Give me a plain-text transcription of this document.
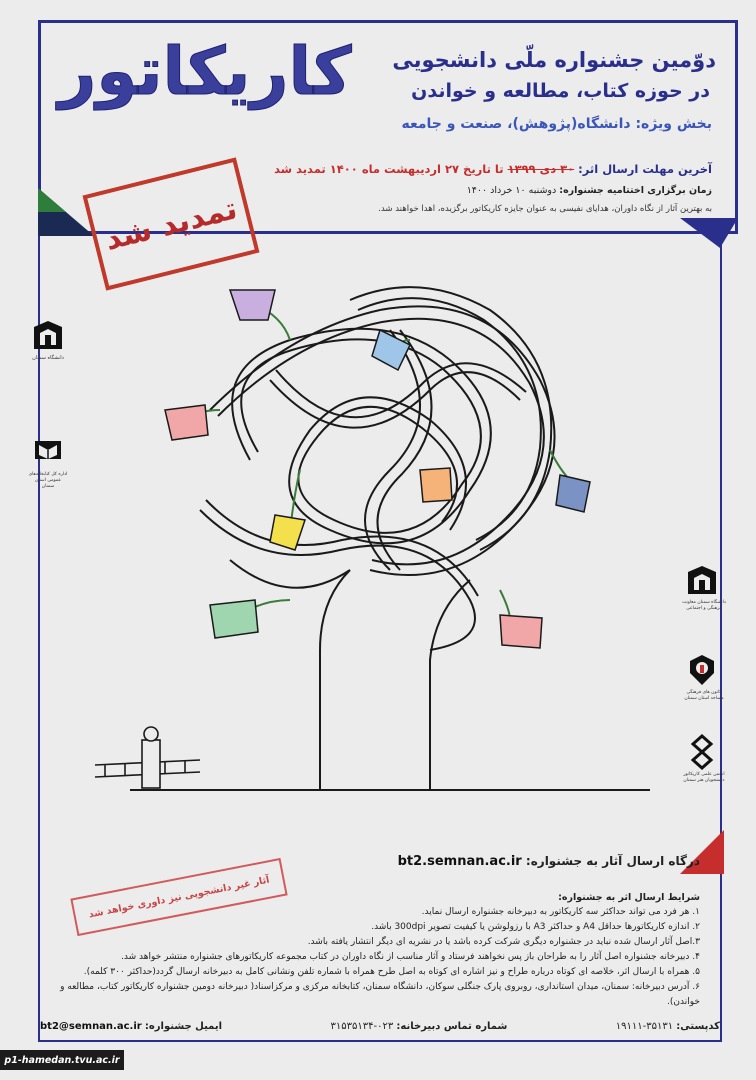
کاریکاتور	دوّمین جشنواره ملّی دانشجویی
در حوزه کتاب، مطالعه و خواندن
بخش ویژه: دانشگاه(پژوهش)، صنعت و جامعه
آخرین مهلت ارسال اثر: ۳۰ دی ۱۳۹۹ تا تاریخ ۲۷ اردیبهشت ماه ۱۴۰۰ تمدید شد
زمان برگزاری اختتامیه جشنواره: دوشنبه ۱۰ خرداد ۱۴۰۰
به بهترین آثار از نگاه داوران، هدایای نفیسی به عنوان جایزه کاریکاتور برگزیده، اهدا خواهند شد.
تمدید شد
دانشگاه سمنان
اداره کل کتابخانه‌های عمومی استان سمنان
دانشگاه سمنان معاونت فرهنگی و اجتماعی
کانون های فرهنگی مساجد استان سمنان
انجمن علمی کاریکاتور دانشجویان هنر سمنان
درگاه ارسال آثار به جشنواره: bt2.semnan.ac.ir
آثار غیر دانشجویی نیز داوری خواهد شد	شرایط ارسال اثر به جشنواره:
۱. هر فرد می تواند حداکثر سه کاریکاتور به دبیرخانه جشنواره ارسال نماید.
۲. اندازه کاریکاتورها حداقل A4 و حداکثر A3 با رزولوشن یا کیفیت تصویر 300dpi باشد.
۳.اصل آثار ارسال شده نباید در جشنواره دیگری شرکت کرده باشد یا در نشریه ای دیگر انتشار یافته باشد.
۴. دبیرخانه جشنواره اصل آثار را به طراحان باز پس نخواهند فرستاد و آثار مناسب از نگاه داوران در کتاب مجموعه کاریکاتورهای جشنواره منتشر خواهد شد.
۵. همراه با ارسال اثر، خلاصه ای کوتاه درباره طراح و نیز اشاره ای کوتاه به اصل طرح همراه با شماره تلفن ونشانی کامل به دبیرخانه ارسال گردد(حداکثر ۳۰۰ کلمه).
۶. آدرس دبیرخانه: سمنان، میدان استانداری، روبروی پارک جنگلی سوکان، دانشگاه سمنان، کتابخانه مرکزی و مرکزاسناد( دبیرخانه دومین جشنواره کاریکاتور کتاب، مطالعه و خواندن).
کدپستی: ۳۵۱۳۱-۱۹۱۱۱
شماره تماس دبیرخانه: ۰۲۳-۳۱۵۳۵۱۳۴
ایمیل جشنواره: bt2@semnan.ac.ir
p1-hamedan.tvu.ac.ir
